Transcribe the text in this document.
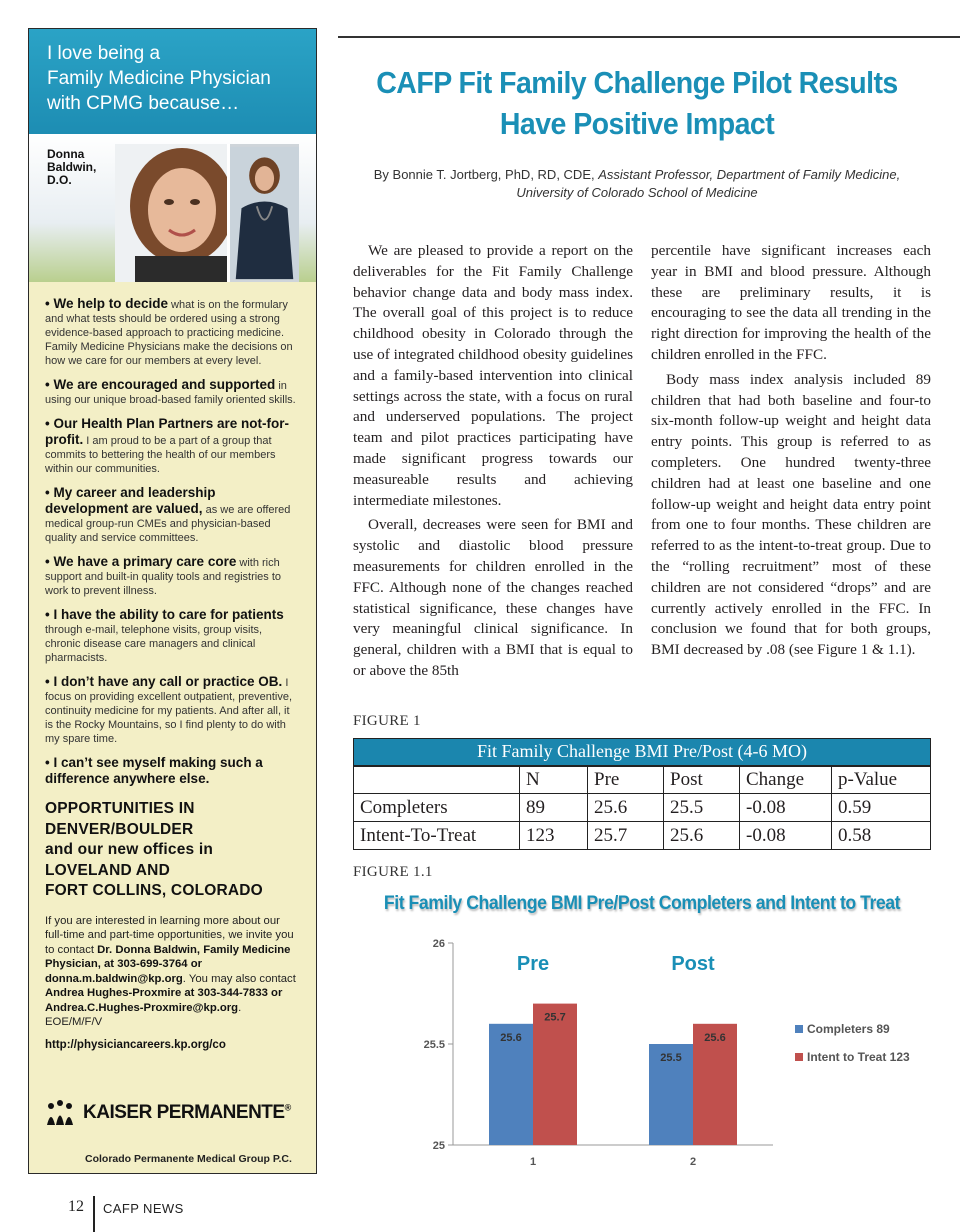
I love being a
Family Medicine Physician
with CPMG because…
Donna Baldwin, D.O.
• We help to decide what is on the formulary and what tests should be ordered using a strong evidence-based approach to practicing medicine. Family Medicine Physicians make the decisions on how we care for our members at every level.
• We are encouraged and supported in using our unique broad-based family oriented skills.
• Our Health Plan Partners are not-for-profit. I am proud to be a part of a group that commits to bettering the health of our members within our communities.
• My career and leadership development are valued, as we are offered medical group-run CMEs and physician-based quality and service committees.
• We have a primary care core with rich support and built-in quality tools and registries to work to prevent illness.
• I have the ability to care for patients through e-mail, telephone visits, group visits, chronic disease care managers and clinical pharmacists.
• I don’t have any call or practice OB. I focus on providing excellent outpatient, preventive, continuity medicine for my patients. And after all, it is the Rocky Mountains, so I find plenty to do with my spare time.
• I can’t see myself making such a difference anywhere else.
OPPORTUNITIES IN
DENVER/BOULDER
and our new offices in
LOVELAND AND
FORT COLLINS, COLORADO
If you are interested in learning more about our full-time and part-time opportunities, we invite you to contact Dr. Donna Baldwin, Family Medicine Physician, at 303-699-3764 or donna.m.baldwin@kp.org. You may also contact Andrea Hughes-Proxmire at 303-344-7833 or Andrea.C.Hughes-Proxmire@kp.org. EOE/M/F/V
http://physiciancareers.kp.org/co
KAISER PERMANENTE®
Colorado Permanente Medical Group P.C.
CAFP Fit Family Challenge Pilot Results
Have Positive Impact
By Bonnie T. Jortberg, PhD, RD, CDE, Assistant Professor, Department of Family Medicine,
University of Colorado School of Medicine

We are pleased to provide a report on the deliverables for the Fit Family Challenge behavior change data and body mass index. The overall goal of this project is to reduce childhood obesity in Colorado through the use of integrated childhood obesity guidelines and a family-based intervention into clinical settings across the state, with a focus on rural and underserved populations. The project team and pilot practices participating have made significant progress towards our measureable results and achieving intermediate milestones.

Overall, decreases were seen for BMI and systolic and diastolic blood pressure measurements for children enrolled in the FFC. Although none of the changes reached statistical significance, these changes have very meaningful clinical significance. In general, children with a BMI that is equal to or above the 85th

percentile have significant increases each year in BMI and blood pressure. Although these are preliminary results, it is encouraging to see the data all trending in the right direction for improving the health of the children enrolled in the FFC.

Body mass index analysis included 89 children that had both baseline and four-to six-month follow-up weight and height data entry points. This group is referred to as completers. One hundred twenty-three children had at least one baseline and one follow-up weight and height data entry point from one to four months. These children are referred to as the intent-to-treat group. Due to the “rolling recruitment” most of these children are not considered “drops” and are currently actively enrolled in the FFC. In conclusion we found that for both groups, BMI decreased by .08 (see Figure 1 & 1.1).

FIGURE 1
Fit Family Challenge BMI Pre/Post (4-6 MO)					
	N	Pre	Post	Change	p-Value
Completers	89	25.6	25.5	-0.08	0.59
Intent-To-Treat	123	25.7	25.6	-0.08	0.58
FIGURE 1.1
Fit Family Challenge BMI Pre/Post Completers and Intent to Treat
25
25.5
26
25.6
25.7
1
Pre
25.5
25.6
2
Post
Completers 89
Intent to Treat 123
12 CAFP NEWS
